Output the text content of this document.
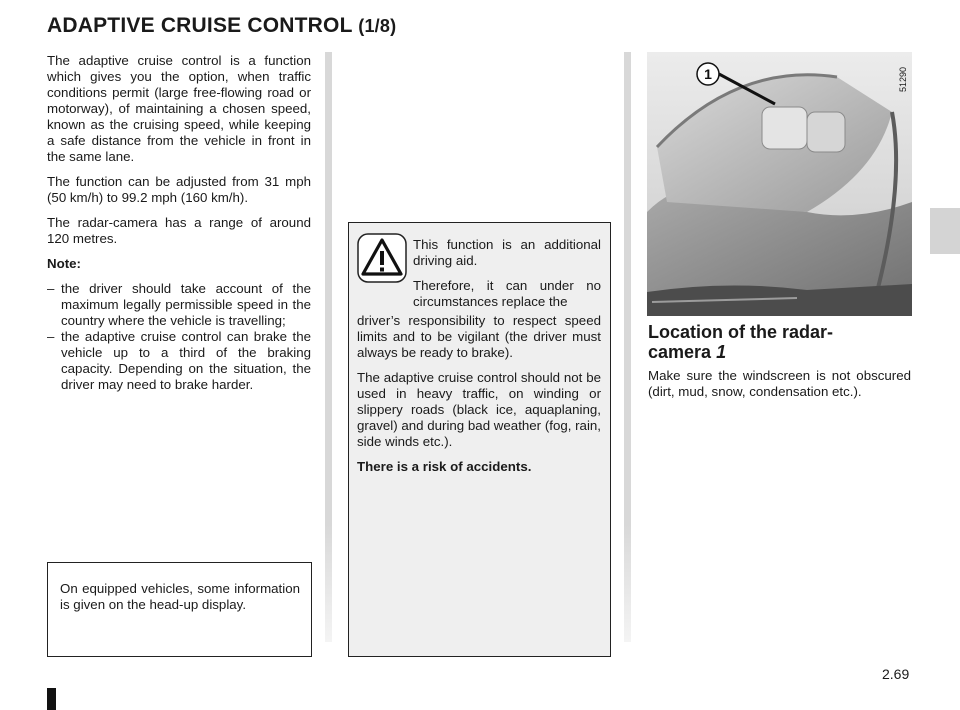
ADAPTIVE CRUISE CONTROL (1/8)

The adaptive cruise control is a function which gives you the option, when traffic conditions permit (large free-flowing road or motorway), of maintaining a chosen speed, known as the cruising speed, while keeping a safe distance from the vehicle in front in the same lane.

The function can be adjusted from 31 mph (50 km/h) to 99.2 mph (160 km/h).

The radar-camera has a range of around 120 metres.

Note:

– the driver should take account of the maximum legally permissible speed in the country where the vehicle is travelling;
– the adaptive cruise control can brake the vehicle up to a third of the braking capacity. Depending on the situation, the driver may need to brake harder.
On equipped vehicles, some information is given on the head-up display.

This function is an additional driving aid.

Therefore, it can under no circumstances replace the

driver’s responsibility to respect speed limits and to be vigilant (the driver must always be ready to brake).

The adaptive cruise control should not be used in heavy traffic, on winding or slippery roads (black ice, aquaplaning, gravel) and during bad weather (fog, rain, side winds etc.).

There is a risk of accidents.

1	51290
Location of the radar-camera 1
Make sure the windscreen is not obscured (dirt, mud, snow, condensation etc.).
2.69
